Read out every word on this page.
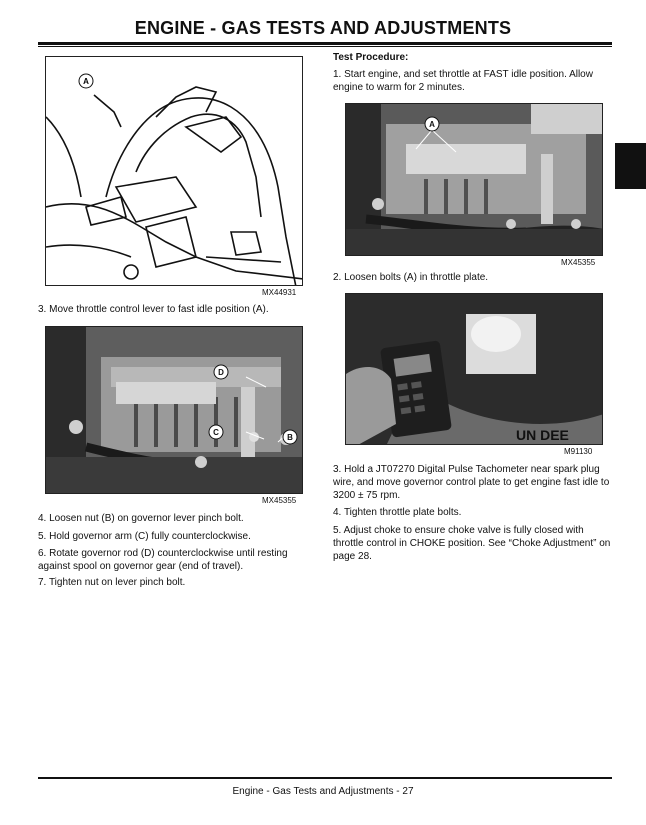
ENGINE - GAS TESTS AND ADJUSTMENTS
A
MX44931
3. Move throttle control lever to fast idle position (A).
D
C
B
MX45355
4. Loosen nut (B) on governor lever pinch bolt.
5. Hold governor arm (C) fully counterclockwise.
6. Rotate governor rod (D) counterclockwise until resting against spool on governor gear (end of travel).
7. Tighten nut on lever pinch bolt.
Test Procedure:
1. Start engine, and set throttle at FAST idle position. Allow engine to warm for 2 minutes.
A
MX45355
2. Loosen bolts (A) in throttle plate.
UN DEE
M91130
3. Hold a JT07270 Digital Pulse Tachometer near spark plug wire, and move governor control plate to get engine fast idle to 3200 ± 75 rpm.
4. Tighten throttle plate bolts.
5. Adjust choke to ensure choke valve is fully closed with throttle control in CHOKE position. See “Choke Adjustment” on page 28.
Engine - Gas Tests and Adjustments - 27
